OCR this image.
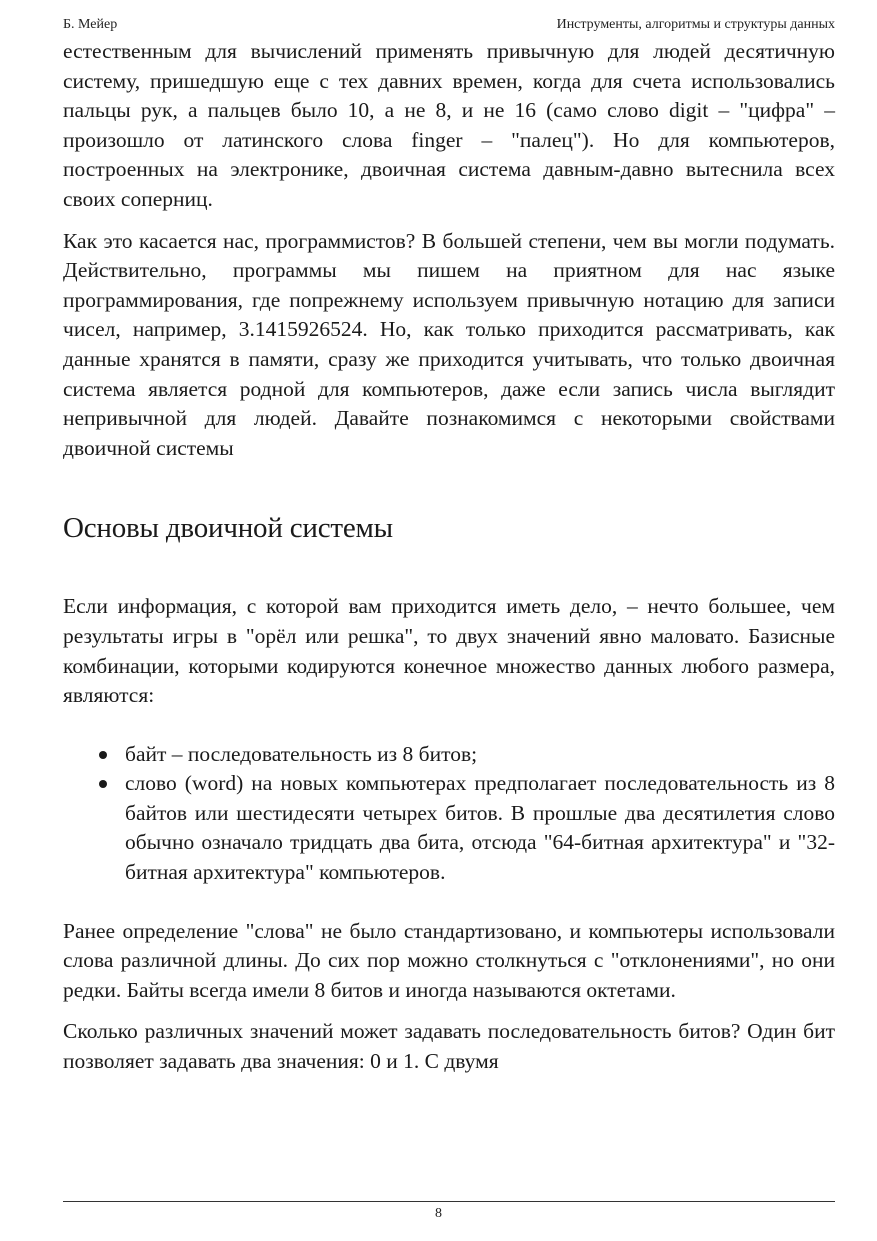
Б. Мейер	Инструменты, алгоритмы и структуры данных

естественным для вычислений применять привычную для людей десятичную систему, пришедшую еще с тех давних времен, когда для счета использовались пальцы рук, а пальцев было 10, а не 8, и не 16 (само слово digit – "цифра" – произошло от латинского слова finger – "палец"). Но для компьютеров, построенных на электронике, двоичная система давным-давно вытеснила всех своих соперниц.

Как это касается нас, программистов? В большей степени, чем вы могли подумать. Действительно, программы мы пишем на приятном для нас языке программирования, где попрежнему используем привычную нотацию для записи чисел, например, 3.1415926524. Но, как только приходится рассматривать, как данные хранятся в памяти, сразу же приходится учитывать, что только двоичная система является родной для компьютеров, даже если запись числа выглядит непривычной для людей. Давайте познакомимся с некоторыми свойствами двоичной системы

Основы двоичной системы

Если информация, с которой вам приходится иметь дело, – нечто большее, чем результаты игры в "орёл или решка", то двух значений явно маловато. Базисные комбинации, которыми кодируются конечное множество данных любого размера, являются:

байт – последовательность из 8 битов;
слово (word) на новых компьютерах предполагает последовательность из 8 байтов или шестидесяти четырех битов. В прошлые два десятилетия слово обычно означало тридцать два бита, отсюда "64-битная архитектура" и "32-битная архитектура" компьютеров.

Ранее определение "слова" не было стандартизовано, и компьютеры использовали слова различной длины. До сих пор можно столкнуться с "отклонениями", но они редки. Байты всегда имели 8 битов и иногда называются октетами.

Сколько различных значений может задавать последовательность битов? Один бит позволяет задавать два значения: 0 и 1. С двумя

8
